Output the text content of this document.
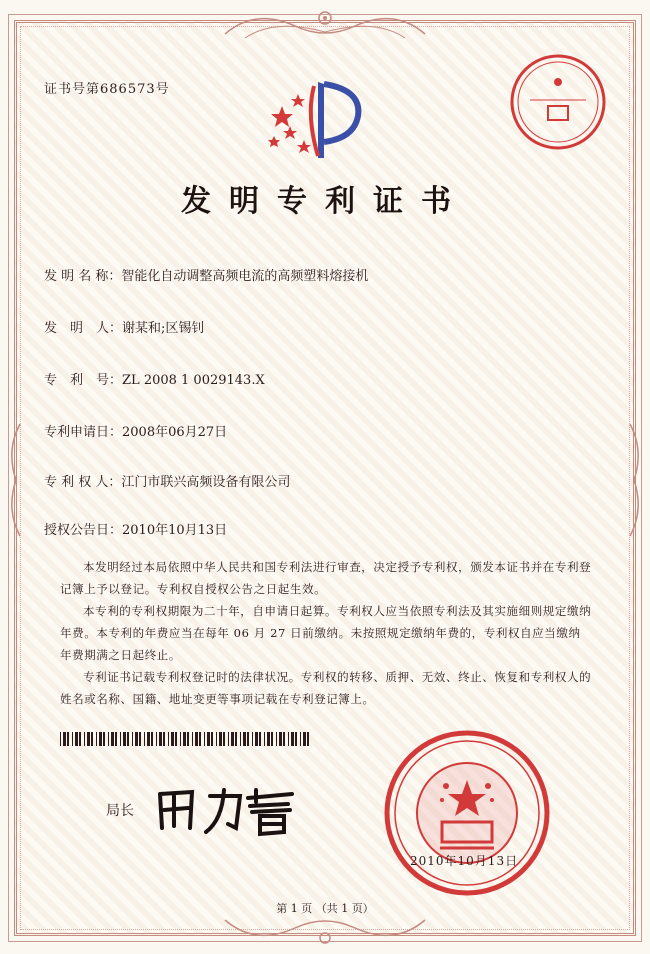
证书号第686573号
发明专利证书
发 明 名 称：智能化自动调整高频电流的高频塑料熔接机
发　明　人：谢某和;区锡钊
专　利　号：ZL 2008 1 0029143.X
专利申请日：2008年06月27日
专 利 权 人：江门市联兴高频设备有限公司
授权公告日：2010年10月13日

本发明经过本局依照中华人民共和国专利法进行审查，决定授予专利权，颁发本证书并在专利登记簿上予以登记。专利权自授权公告之日起生效。

本专利的专利权期限为二十年，自申请日起算。专利权人应当依照专利法及其实施细则规定缴纳年费。本专利的年费应当在每年 06 月 27 日前缴纳。未按照规定缴纳年费的，专利权自应当缴纳年费期满之日起终止。

专利证书记载专利权登记时的法律状况。专利权的转移、质押、无效、终止、恢复和专利权人的姓名或名称、国籍、地址变更等事项记载在专利登记簿上。

局长
2010年10月13日
第 1 页 （共 1 页）
